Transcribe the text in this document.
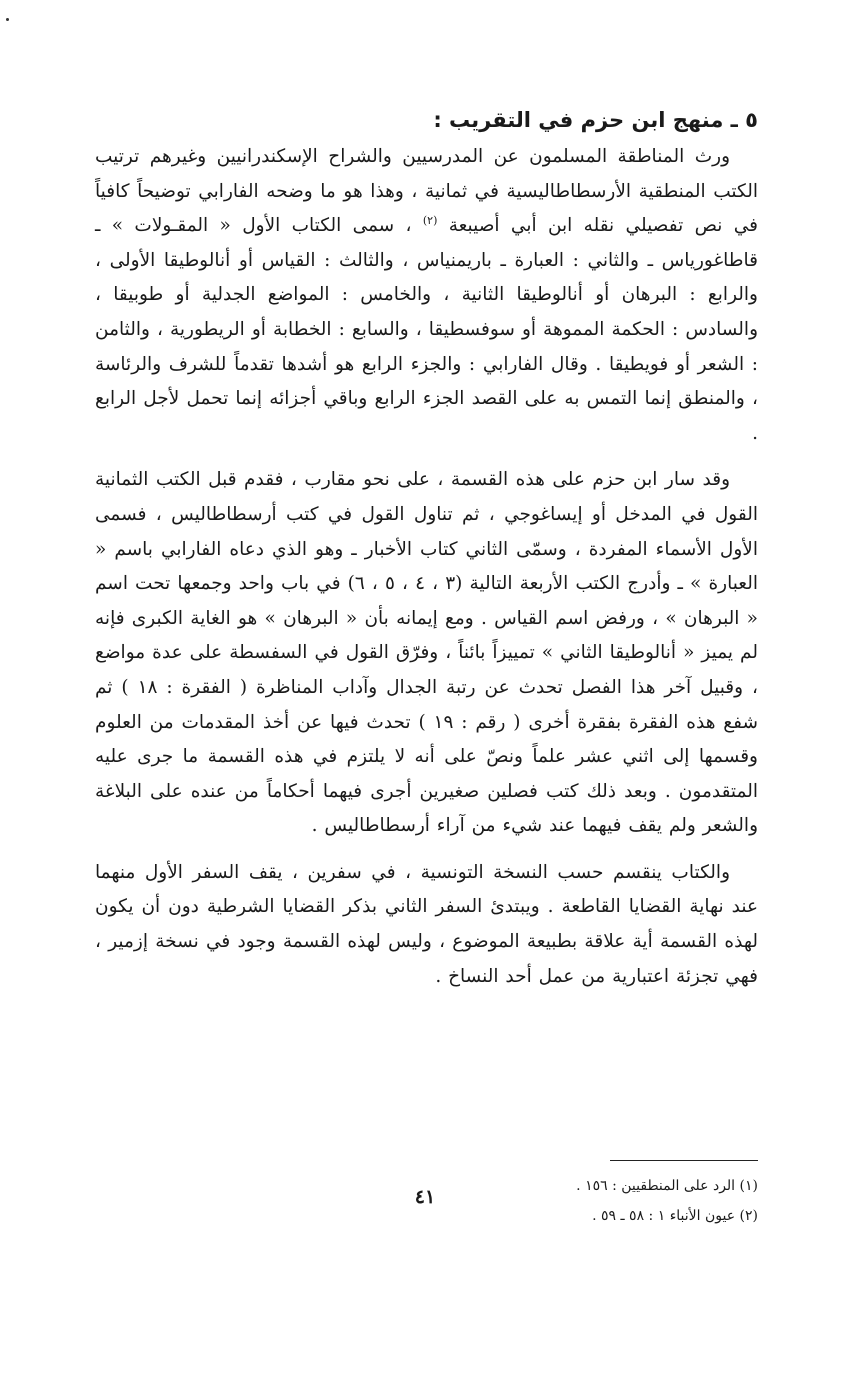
٥ ـ منهج ابن حزم في التقريب :

ورث المناطقة المسلمون عن المدرسيين والشراح الإسكندرانيين وغيرهم ترتيب الكتب المنطقية الأرسطاطاليسية في ثمانية ، وهذا هو ما وضحه الفارابي توضيحاً كافياً في نص تفصيلي نقله ابن أبي أصيبعة $^{(٢)}$ ، سمى الكتاب الأول « المقـولات » ـ قاطاغورياس ـ والثاني : العبارة ـ باريمنياس ، والثالث : القياس أو أنالوطيقا الأولى ، والرابع : البرهان أو أنالوطيقا الثانية ، والخامس : المواضع الجدلية أو طوبيقا ، والسادس : الحكمة المموهة أو سوفسطيقا ، والسابع : الخطابة أو الريطورية ، والثامن : الشعر أو فويطيقا . وقال الفارابي : والجزء الرابع هو أشدها تقدماً للشرف والرئاسة ، والمنطق إنما التمس به على القصد الجزء الرابع وباقي أجزائه إنما تحمل لأجل الرابع .

وقد سار ابن حزم على هذه القسمة ، على نحو مقارب ، فقدم قبل الكتب الثمانية القول في المدخل أو إيساغوجي ، ثم تناول القول في كتب أرسطاطاليس ، فسمى الأول الأسماء المفردة ، وسمّى الثاني كتاب الأخبار ـ وهو الذي دعاه الفارابي باسم « العبارة » ـ وأدرج الكتب الأربعة التالية (٣ ، ٤ ، ٥ ، ٦) في باب واحد وجمعها تحت اسم « البرهان » ، ورفض اسم القياس . ومع إيمانه بأن « البرهان » هو الغاية الكبرى فإنه لم يميز « أنالوطيقا الثاني » تمييزاً بائناً ، وفرّق القول في السفسطة على عدة مواضع ، وقبيل آخر هذا الفصل تحدث عن رتبة الجدال وآداب المناظرة ( الفقرة : ١٨ ) ثم شفع هذه الفقرة بفقرة أخرى ( رقم : ١٩ ) تحدث فيها عن أخذ المقدمات من العلوم وقسمها إلى اثني عشر علماً ونصّ على أنه لا يلتزم في هذه القسمة ما جرى عليه المتقدمون . وبعد ذلك كتب فصلين صغيرين أجرى فيهما أحكاماً من عنده على البلاغة والشعر ولم يقف فيهما عند شيء من آراء أرسطاطاليس .

والكتاب ينقسم حسب النسخة التونسية ، في سفرين ، يقف السفر الأول منهما عند نهاية القضايا القاطعة . ويبتدئ السفر الثاني بذكر القضايا الشرطية دون أن يكون لهذه القسمة أية علاقة بطبيعة الموضوع ، وليس لهذه القسمة وجود في نسخة إزمير ، فهي تجزئة اعتبارية من عمل أحد النساخ .

(١) الرد على المنطقيين : ١٥٦ .
(٢) عيون الأنباء ١ : ٥٨ ـ ٥٩ .
٤١
